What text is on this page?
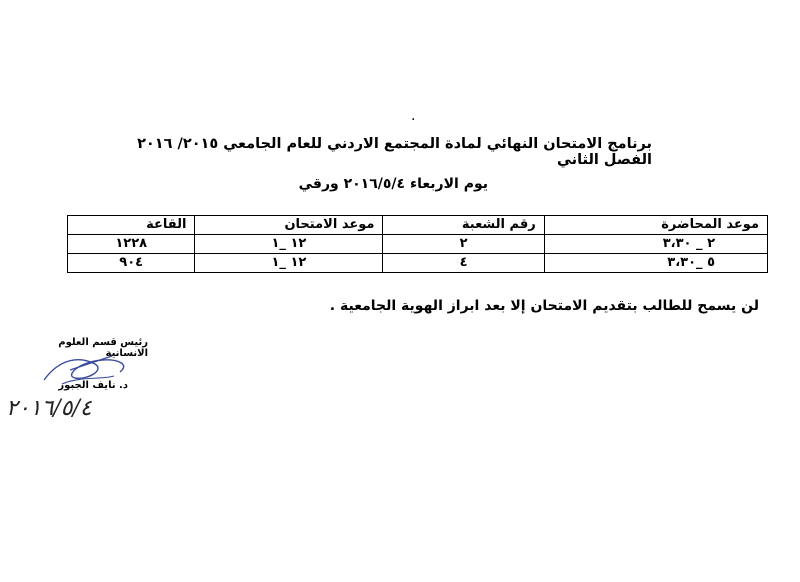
.
برنامج الامتحان النهائي لمادة المجتمع الاردني للعام الجامعي ٢٠١٥/ ٢٠١٦ الفصل الثاني
يوم الاربعاء ٢٠١٦/٥/٤ ورقي
موعد المحاضرة	رقم الشعبة	موعد الامتحان	القاعة
٢ _ ٣،٣٠	٢	١٢ _١	١٢٢٨
٥ _٣،٣٠	٤	١٢ _١	٩٠٤
لن يسمح للطالب بتقديم الامتحان إلا بعد ابراز الهوية الجامعية .
رئيس قسم العلوم الانسانية
د. نايف الجبور
٢٠١٦/٥/٤
